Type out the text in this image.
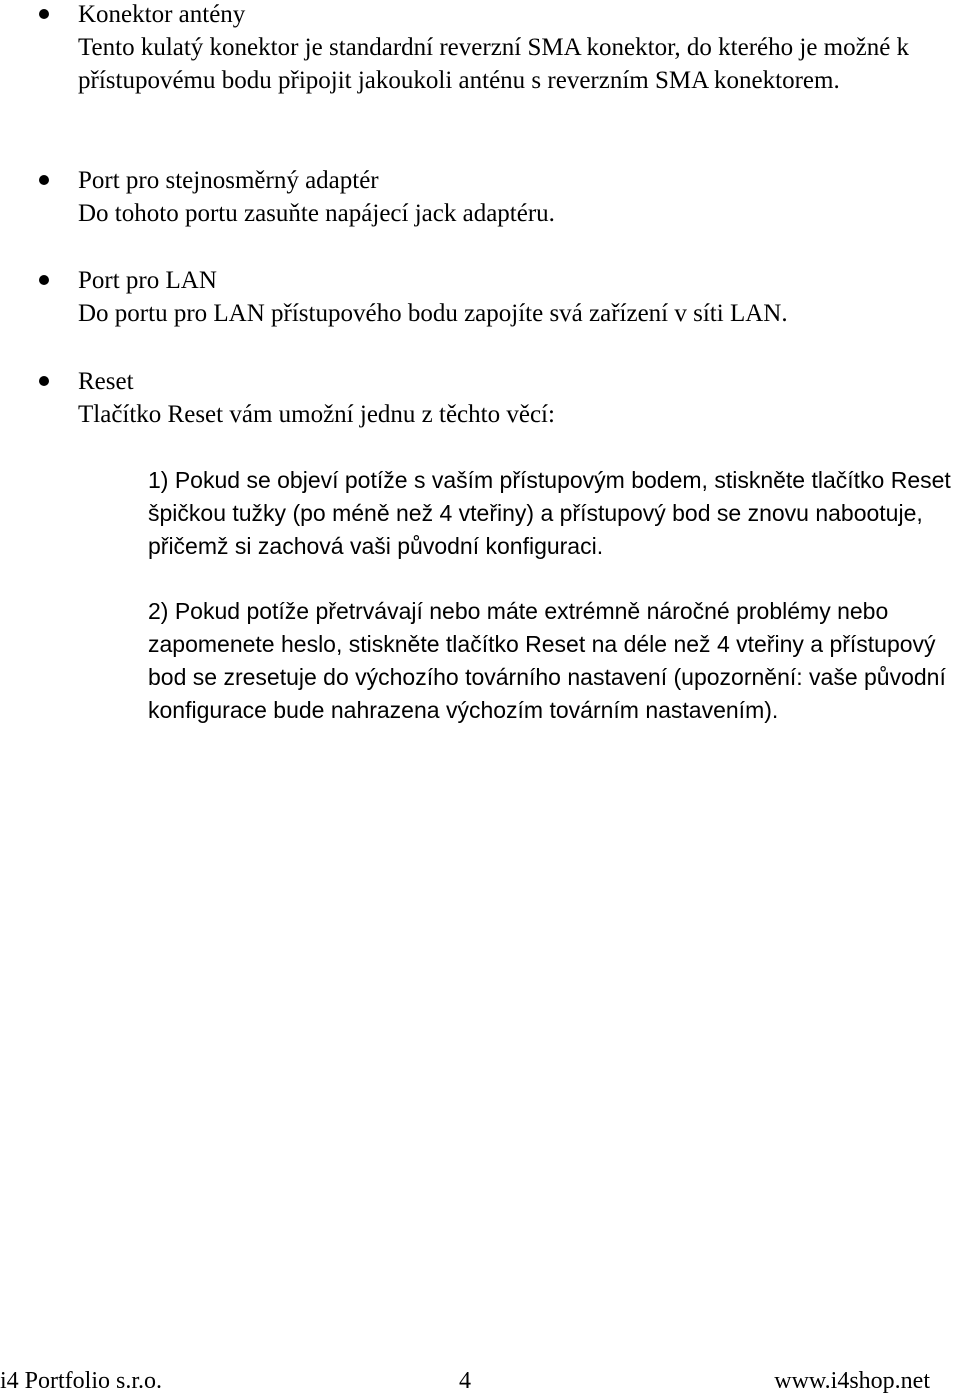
Konektor antény
Tento kulatý konektor je standardní reverzní SMA konektor, do kterého je možné k přístupovému bodu připojit jakoukoli anténu s reverzním SMA konektorem.
Port pro stejnosměrný adaptér
Do tohoto portu zasuňte napájecí jack adaptéru.
Port pro LAN
Do portu pro LAN přístupového bodu zapojíte svá zařízení v síti LAN.
Reset
Tlačítko Reset vám umožní jednu z těchto věcí:
1) Pokud se objeví potíže s vaším přístupovým bodem, stiskněte tlačítko Reset špičkou tužky (po méně než 4 vteřiny) a přístupový bod se znovu nabootuje, přičemž si zachová vaši původní konfiguraci.
2) Pokud potíže přetrvávají nebo máte extrémně náročné problémy nebo zapomenete heslo, stiskněte tlačítko Reset na déle než 4 vteřiny a přístupový bod se zresetuje do výchozího továrního nastavení (upozornění: vaše původní konfigurace bude nahrazena výchozím továrním nastavením).
i4 Portfolio s.r.o.	4	www.i4shop.net
